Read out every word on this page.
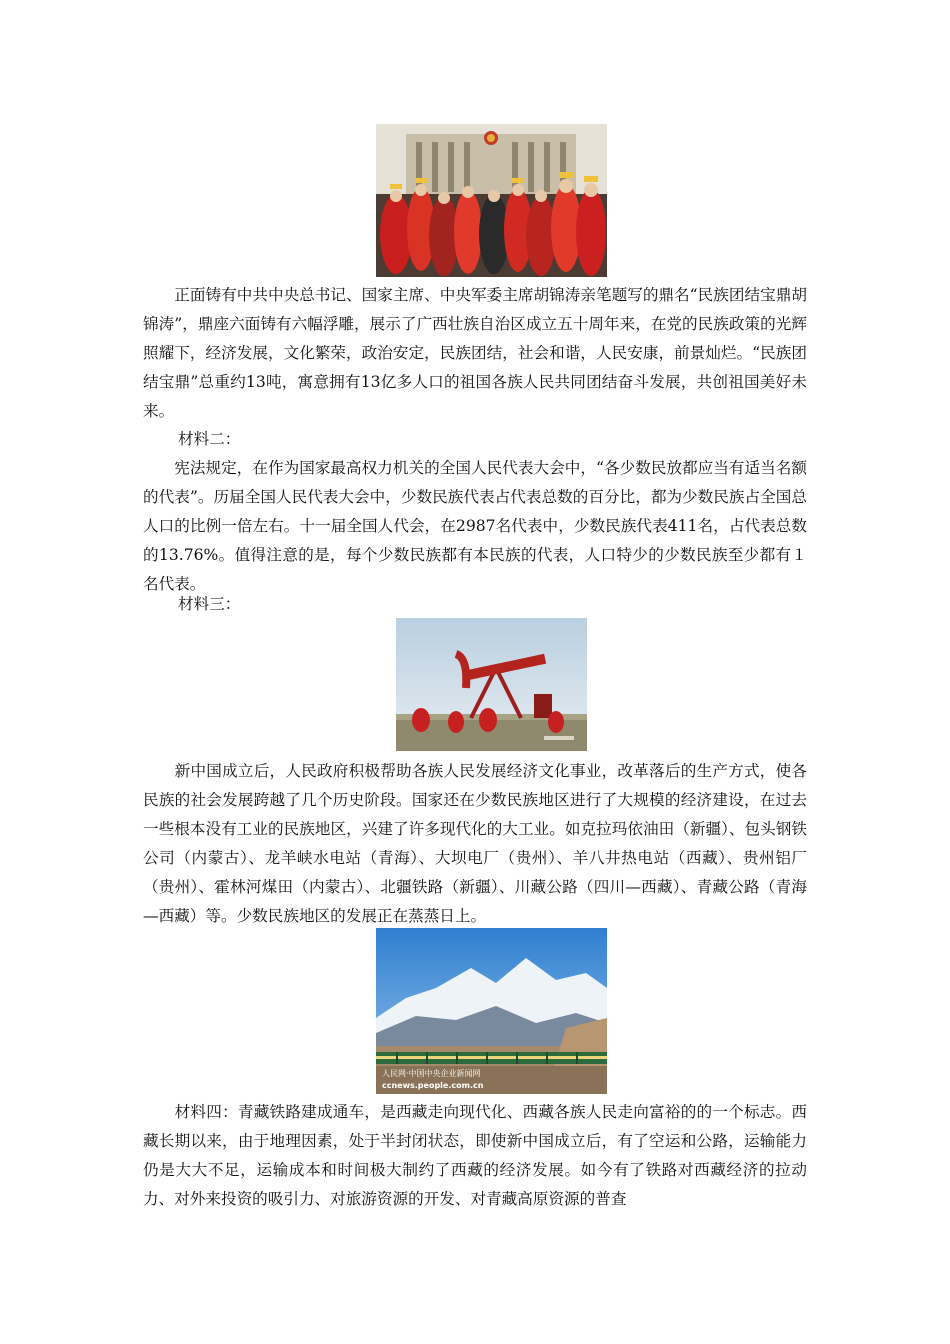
　　正面铸有中共中央总书记、国家主席、中央军委主席胡锦涛亲笔题写的鼎名“民族团结宝鼎胡锦涛”，鼎座六面铸有六幅浮雕，展示了广西壮族自治区成立五十周年来，在党的民族政策的光辉照耀下，经济发展，文化繁荣，政治安定，民族团结，社会和谐，人民安康，前景灿烂。“民族团结宝鼎”总重约13吨，寓意拥有13亿多人口的祖国各族人民共同团结奋斗发展，共创祖国美好未来。

材料二：

　　宪法规定，在作为国家最高权力机关的全国人民代表大会中，“各少数民放都应当有适当名额的代表”。历届全国人民代表大会中，少数民族代表占代表总数的百分比，都为少数民族占全国总人口的比例一倍左右。十一届全国人代会，在2987名代表中，少数民族代表411名，占代表总数的13.76%。值得注意的是，每个少数民族都有本民族的代表，人口特少的少数民族至少都有１名代表。

材料三：

　　新中国成立后，人民政府积极帮助各族人民发展经济文化事业，改革落后的生产方式，使各民族的社会发展跨越了几个历史阶段。国家还在少数民族地区进行了大规模的经济建设，在过去一些根本没有工业的民族地区，兴建了许多现代化的大工业。如克拉玛依油田（新疆）、包头钢铁公司（内蒙古）、龙羊峡水电站（青海）、大坝电厂（贵州）、羊八井热电站（西藏）、贵州铝厂（贵州）、霍林河煤田（内蒙古）、北疆铁路（新疆）、川藏公路（四川—西藏）、青藏公路（青海—西藏）等。少数民族地区的发展正在蒸蒸日上。

人民网·中国中央企业新闻网
ccnews.people.com.cn

　　材料四：青藏铁路建成通车，是西藏走向现代化、西藏各族人民走向富裕的的一个标志。西藏长期以来，由于地理因素，处于半封闭状态，即使新中国成立后，有了空运和公路，运输能力仍是大大不足，运输成本和时间极大制约了西藏的经济发展。如今有了铁路对西藏经济的拉动力、对外来投资的吸引力、对旅游资源的开发、对青藏高原资源的普查
